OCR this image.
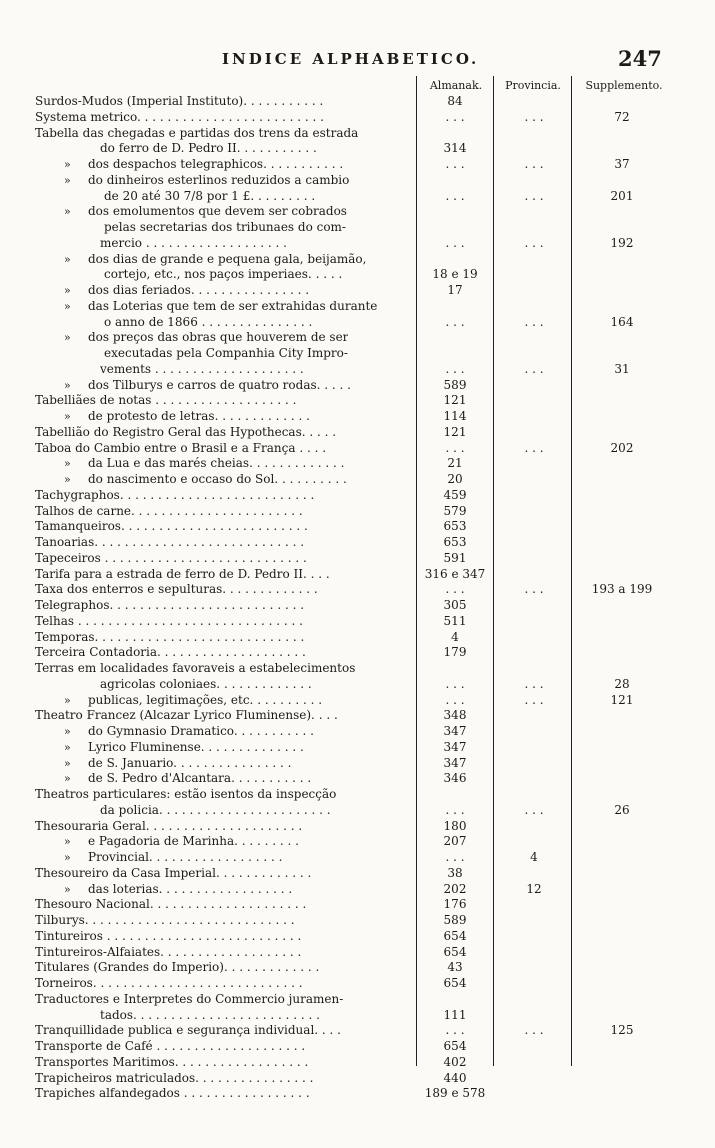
INDICE ALPHABETICO.	247
Almanak.	Provincia.	Supplemento.
Surdos-Mudos (Imperial Instituto). . . . . . . . . . .	84
Systema metrico. . . . . . . . . . . . . . . . . . . . . . . . .	. . .	. . .	72
Tabella das chegadas e partidas dos trens da estrada
do ferro de D. Pedro II. . . . . . . . . . .	314
» dos despachos telegraphicos. . . . . . . . . . .	. . .	. . .	37
» do dinheiros esterlinos reduzidos a cambio
de 20 até 30 7/8 por 1 £. . . . . . . . .	. . .	. . .	201
» dos emolumentos que devem ser cobrados
pelas secretarias dos tribunaes do com-
mercio . . . . . . . . . . . . . . . . . . .	. . .	. . .	192
» dos dias de grande e pequena gala, beijamão,
cortejo, etc., nos paços imperiaes. . . . .	18 e 19
» dos dias feriados. . . . . . . . . . . . . . . .	17
» das Loterias que tem de ser extrahidas durante
o anno de 1866 . . . . . . . . . . . . . . .	. . .	. . .	164
» dos preços das obras que houverem de ser
executadas pela Companhia City Impro-
vements . . . . . . . . . . . . . . . . . . . .	. . .	. . .	31
» dos Tilburys e carros de quatro rodas. . . . .	589
Tabelliães de notas . . . . . . . . . . . . . . . . . . .	121
» de protesto de letras. . . . . . . . . . . . .	114
Tabellião do Registro Geral das Hypothecas. . . . .	121
Taboa do Cambio entre o Brasil e a França . . . .	. . .	. . .	202
» da Lua e das marés cheias. . . . . . . . . . . . .	21
» do nascimento e occaso do Sol. . . . . . . . . .	20
Tachygraphos. . . . . . . . . . . . . . . . . . . . . . . . . .	459
Talhos de carne. . . . . . . . . . . . . . . . . . . . . . .	579
Tamanqueiros. . . . . . . . . . . . . . . . . . . . . . . . .	653
Tanoarias. . . . . . . . . . . . . . . . . . . . . . . . . . . .	653
Tapeceiros . . . . . . . . . . . . . . . . . . . . . . . . . . .	591
Tarifa para a estrada de ferro de D. Pedro II. . . .	316 e 347
Taxa dos enterros e sepulturas. . . . . . . . . . . . .	. . .	. . .	193 a 199
Telegraphos. . . . . . . . . . . . . . . . . . . . . . . . . .	305
Telhas . . . . . . . . . . . . . . . . . . . . . . . . . . . . . .	511
Temporas. . . . . . . . . . . . . . . . . . . . . . . . . . . .	4
Terceira Contadoria. . . . . . . . . . . . . . . . . . . .	179
Terras em localidades favoraveis a estabelecimentos
agricolas coloniaes. . . . . . . . . . . . .	. . .	. . .	28
» publicas, legitimações, etc. . . . . . . . . .	. . .	. . .	121
Theatro Francez (Alcazar Lyrico Fluminense). . . .	348
» do Gymnasio Dramatico. . . . . . . . . . .	347
» Lyrico Fluminense. . . . . . . . . . . . . .	347
» de S. Januario. . . . . . . . . . . . . . . .	347
» de S. Pedro d'Alcantara. . . . . . . . . . .	346
Theatros particulares: estão isentos da inspecção
da policia. . . . . . . . . . . . . . . . . . . . . . .	. . .	. . .	26
Thesouraria Geral. . . . . . . . . . . . . . . . . . . . .	180
» e Pagadoria de Marinha. . . . . . . . .	207
» Provincial. . . . . . . . . . . . . . . . . .	. . .	4
Thesoureiro da Casa Imperial. . . . . . . . . . . . .	38
» das loterias. . . . . . . . . . . . . . . . . .	202	12
Thesouro Nacional. . . . . . . . . . . . . . . . . . . . .	176
Tilburys. . . . . . . . . . . . . . . . . . . . . . . . . . . .	589
Tintureiros . . . . . . . . . . . . . . . . . . . . . . . . . .	654
Tintureiros-Alfaiates. . . . . . . . . . . . . . . . . . .	654
Titulares (Grandes do Imperio). . . . . . . . . . . . .	43
Torneiros. . . . . . . . . . . . . . . . . . . . . . . . . . . .	654
Traductores e Interpretes do Commercio juramen-
tados. . . . . . . . . . . . . . . . . . . . . . . . .	111
Tranquillidade publica e segurança individual. . . .	. . .	. . .	125
Transporte de Café . . . . . . . . . . . . . . . . . . . .	654
Transportes Maritimos. . . . . . . . . . . . . . . . . .	402
Trapicheiros matriculados. . . . . . . . . . . . . . . .	440
Trapiches alfandegados . . . . . . . . . . . . . . . . .	189 e 578
